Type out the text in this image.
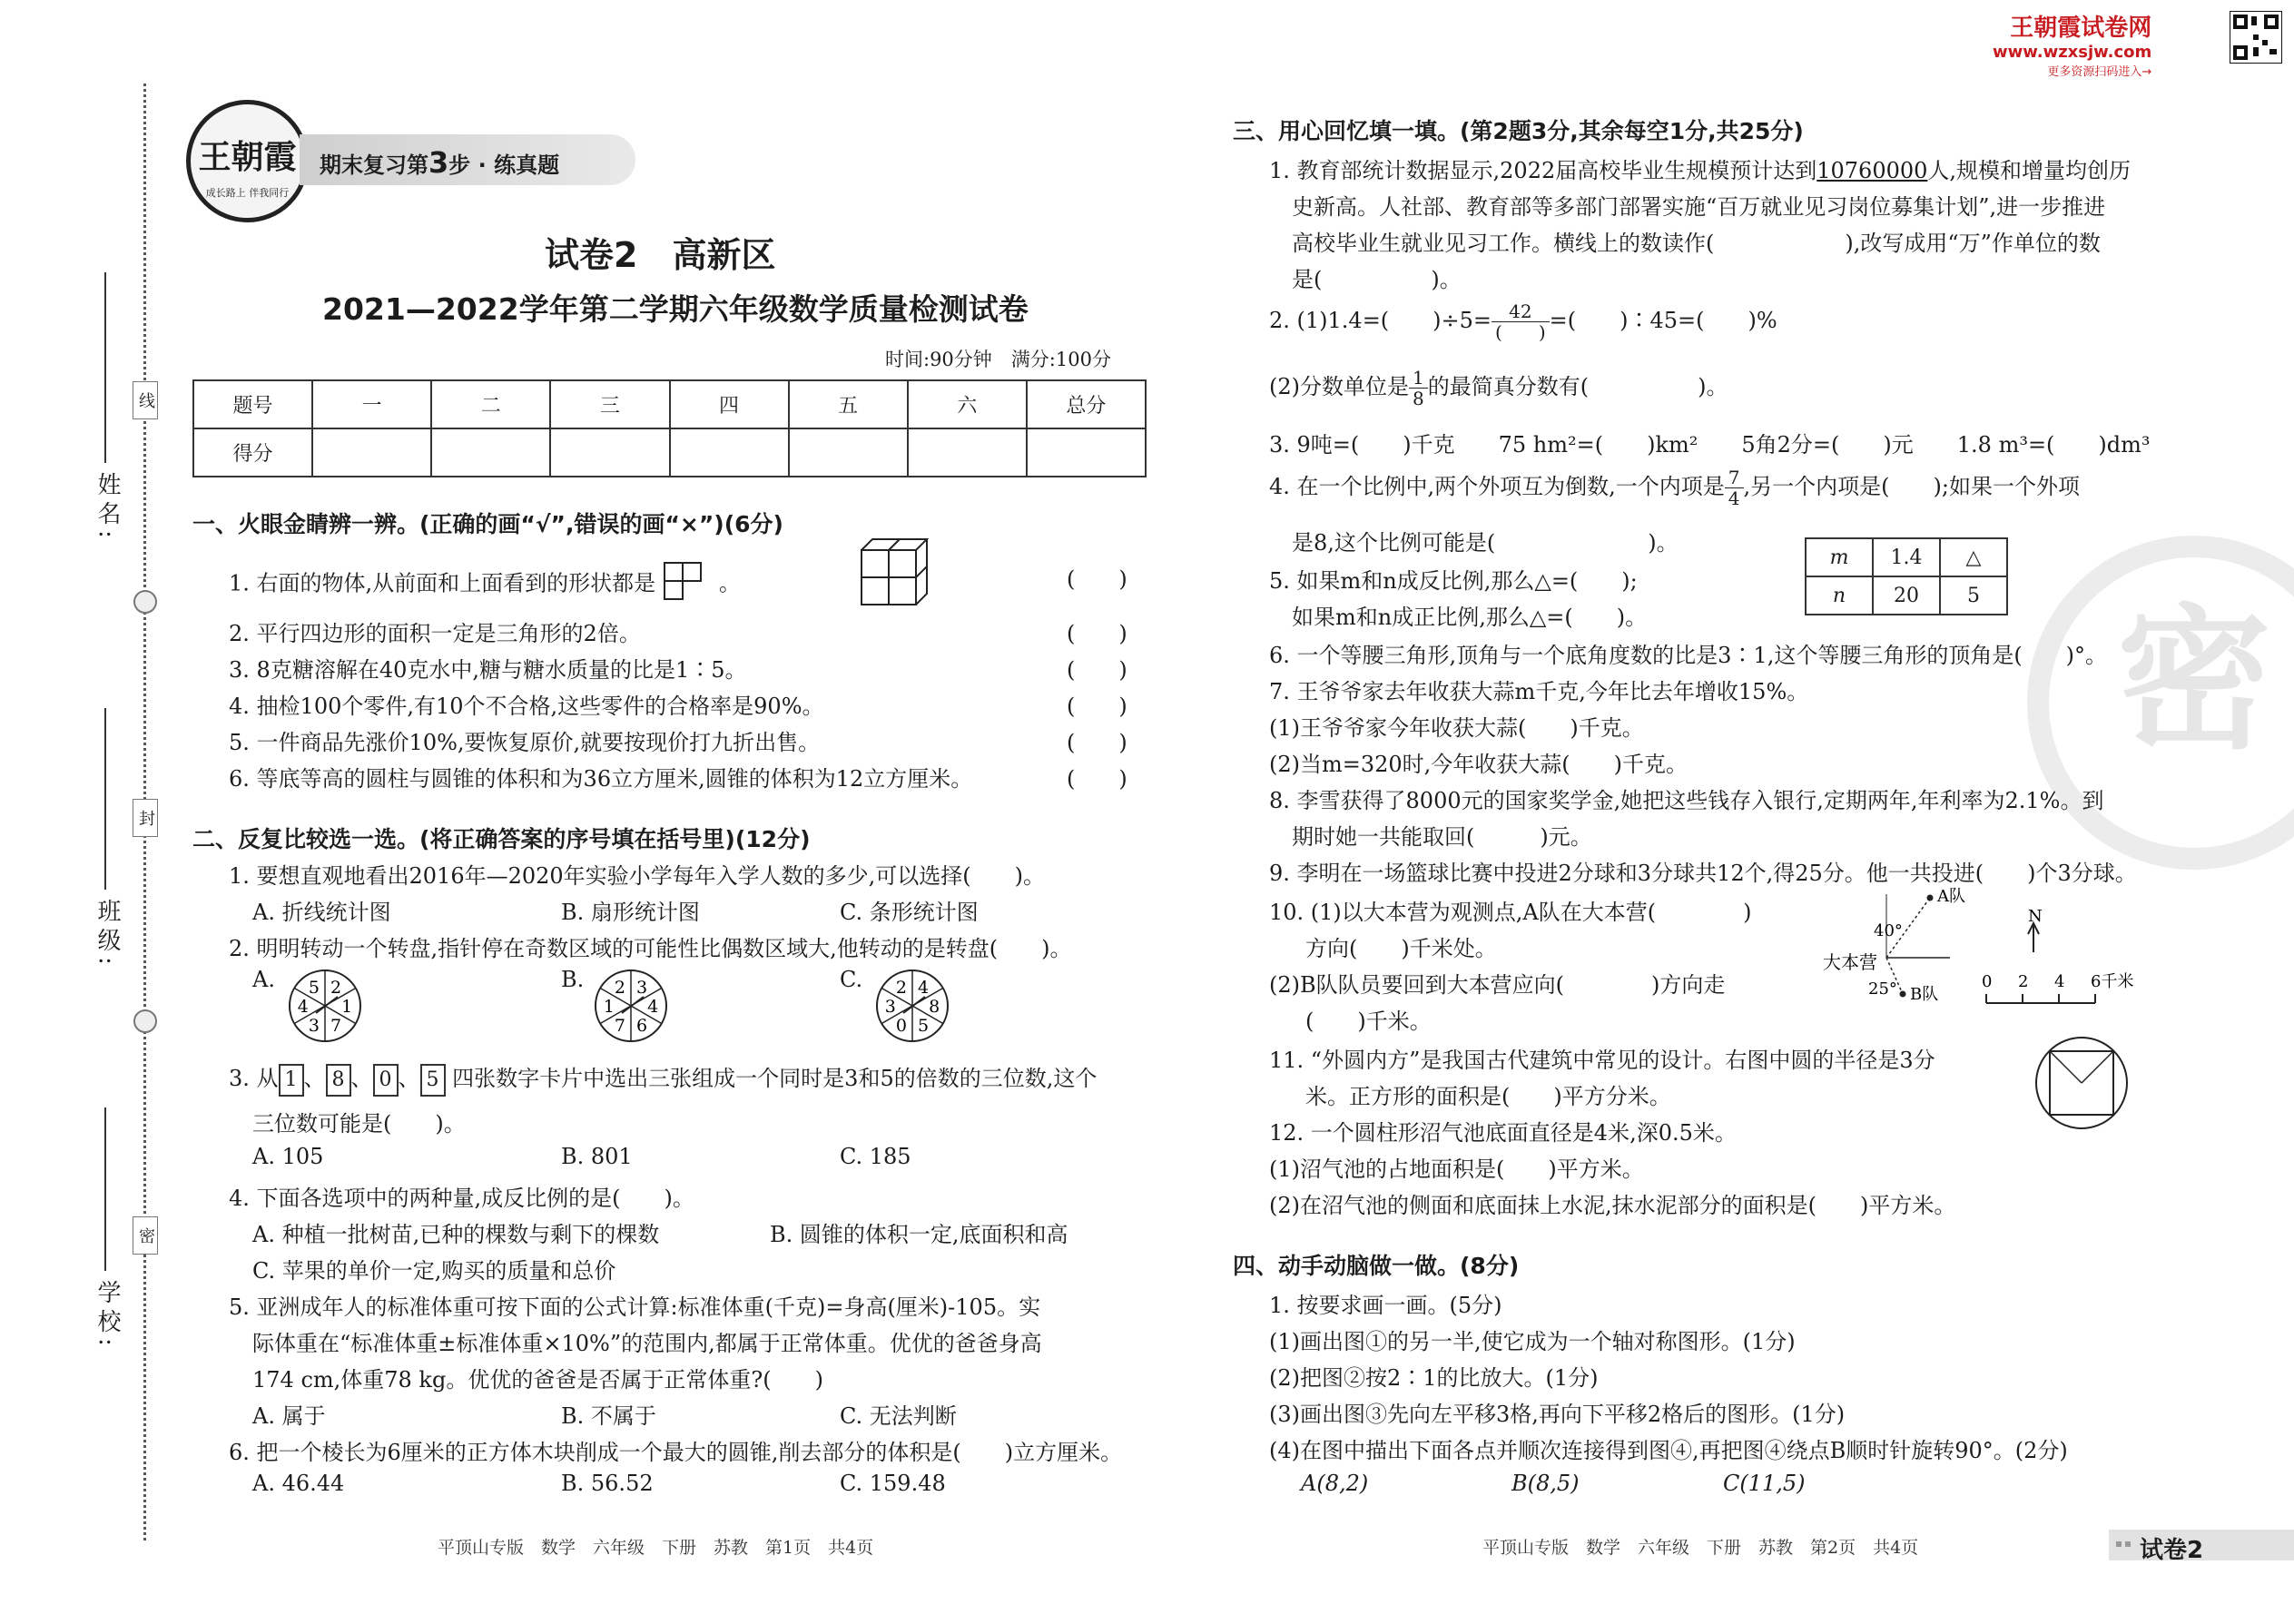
线
封
密
姓名:
班级:
学校:
王朝霞
成长路上 伴我同行
期末复习第3步 · 练真题
试卷2　高新区
2021—2022学年第二学期六年级数学质量检测试卷
时间:90分钟　满分:100分
题号	一	二	三	四	五	六	总分
得分							
一、火眼金睛辨一辨。(正确的画“√”,错误的画“×”)(6分)
1. 右面的物体,从前面和上面看到的形状都是	。	(　　)
2. 平行四边形的面积一定是三角形的2倍。	(　　)
3. 8克糖溶解在40克水中,糖与糖水质量的比是1∶5。	(　　)
4. 抽检100个零件,有10个不合格,这些零件的合格率是90%。	(　　)
5. 一件商品先涨价10%,要恢复原价,就要按现价打九折出售。	(　　)
6. 等底等高的圆柱与圆锥的体积和为36立方厘米,圆锥的体积为12立方厘米。	(　　)
二、反复比较选一选。(将正确答案的序号填在括号里)(12分)
1. 要想直观地看出2016年—2020年实验小学每年入学人数的多少,可以选择(　　)。
A. 折线统计图	B. 扇形统计图	C. 条形统计图
2. 明明转动一个转盘,指针停在奇数区域的可能性比偶数区域大,他转动的是转盘(　　)。
A.	B.	C.
2
1
7
3
4
5	3
4
6
7
1
2	4
8
5
0
3
2
3. 从 1 、 8 、 0 、 5 四张数字卡片中选出三张组成一个同时是3和5的倍数的三位数,这个
三位数可能是(　　)。
A. 105	B. 801	C. 185
4. 下面各选项中的两种量,成反比例的是(　　)。
A. 种植一批树苗,已种的棵数与剩下的棵数	B. 圆锥的体积一定,底面积和高
C. 苹果的单价一定,购买的质量和总价
5. 亚洲成年人的标准体重可按下面的公式计算:标准体重(千克)=身高(厘米)-105。实
际体重在“标准体重±标准体重×10%”的范围内,都属于正常体重。优优的爸爸身高
174 cm,体重78 kg。优优的爸爸是否属于正常体重?(　　)
A. 属于	B. 不属于	C. 无法判断
6. 把一个棱长为6厘米的正方体木块削成一个最大的圆锥,削去部分的体积是(　　)立方厘米。
A. 46.44	B. 56.52	C. 159.48
平顶山专版　数学　六年级　下册　苏教　第1页　共4页
王朝霞试卷网
www.wzxsjw.com
更多资源扫码进入→
密
三、用心回忆填一填。(第2题3分,其余每空1分,共25分)
1. 教育部统计数据显示,2022届高校毕业生规模预计达到10760000人,规模和增量均创历
史新高。人社部、教育部等多部门部署实施“百万就业见习岗位募集计划”,进一步推进
高校毕业生就业见习工作。横线上的数读作(　　　　　　),改写成用“万”作单位的数
是(　　　　　)。
2. (1)1.4=(　　)$\div 5= \frac{42}{( )}$ =(　　)∶45=(　　)%
(2)分数单位是 $\frac{1}{8}$ 的最简真分数有(　　　　　)。
3. 9吨=(　　)千克　　75 hm²=(　　)km²　　5角2分=(　　)元　　1.8 m³=(　　)dm³
4. 在一个比例中,两个外项互为倒数,一个内项是 $\frac{7}{4}$ ,另一个内项是(　　);如果一个外项
是8,这个比例可能是(　　　　　　　)。
5. 如果m和n成反比例,那么△=(　　);
如果m和n成正比例,那么△=(　　)。
m	1.4	△
n	20	5
6. 一个等腰三角形,顶角与一个底角度数的比是3∶1,这个等腰三角形的顶角是(　　)°。
7. 王爷爷家去年收获大蒜m千克,今年比去年增收15%。
(1)王爷爷家今年收获大蒜(　　)千克。
(2)当m=320时,今年收获大蒜(　　)千克。
8. 李雪获得了8000元的国家奖学金,她把这些钱存入银行,定期两年,年利率为2.1%。到
期时她一共能取回(　　　)元。
9. 李明在一场篮球比赛中投进2分球和3分球共12个,得25分。他一共投进(　　)个3分球。
10. (1)以大本营为观测点,A队在大本营(　　　　)
方向(　　)千米处。
(2)B队队员要回到大本营应向(　　　　)方向走
(　　)千米。
A队
40°
大本营
25° B队
N
0 2 4 6千米
11. “外圆内方”是我国古代建筑中常见的设计。右图中圆的半径是3分
米。正方形的面积是(　　)平方分米。
12. 一个圆柱形沼气池底面直径是4米,深0.5米。
(1)沼气池的占地面积是(　　)平方米。
(2)在沼气池的侧面和底面抹上水泥,抹水泥部分的面积是(　　)平方米。
四、动手动脑做一做。(8分)
1. 按要求画一画。(5分)
(1)画出图①的另一半,使它成为一个轴对称图形。(1分)
(2)把图②按2∶1的比放大。(1分)
(3)画出图③先向左平移3格,再向下平移2格后的图形。(1分)
(4)在图中描出下面各点并顺次连接得到图④,再把图④绕点B顺时针旋转90°。(2分)
A(8,2)	B(8,5)	C(11,5)
平顶山专版　数学　六年级　下册　苏教　第2页　共4页	试卷2
